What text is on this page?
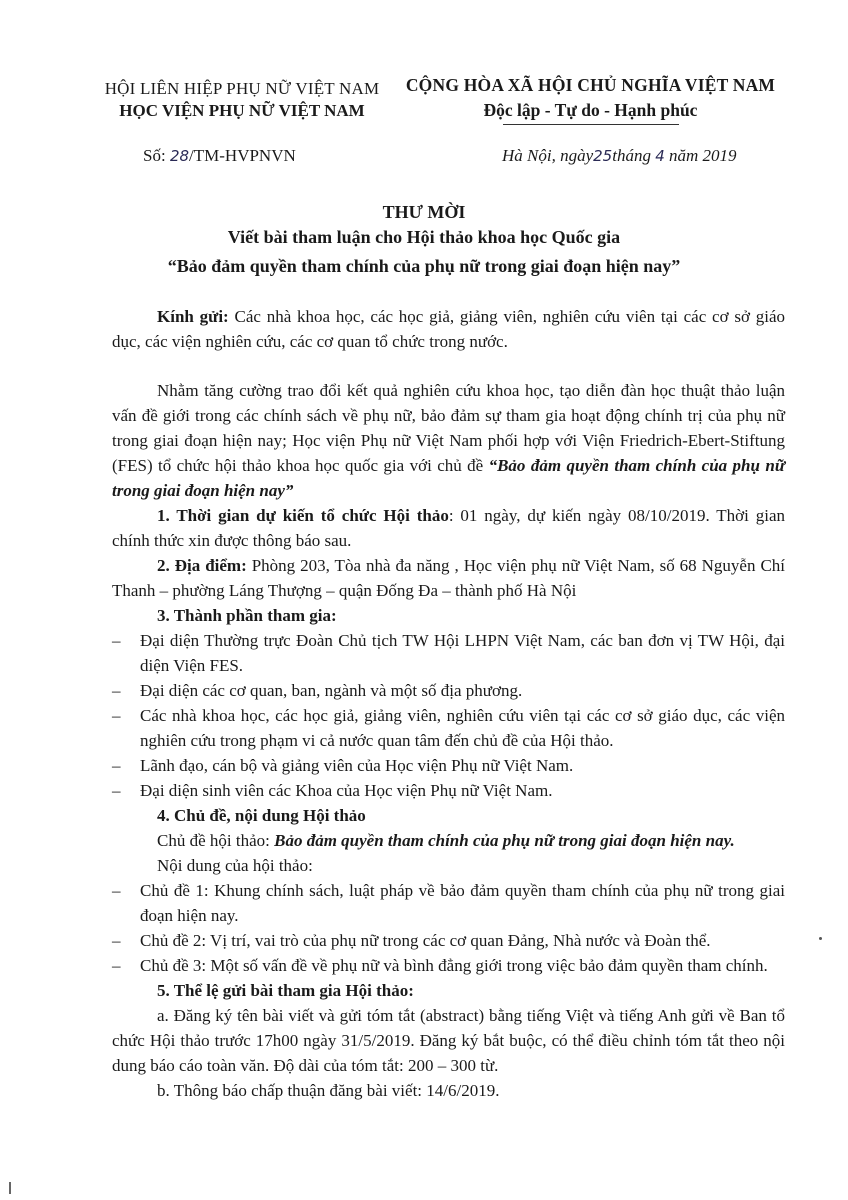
HỘI LIÊN HIỆP PHỤ NỮ VIỆT NAM
HỌC VIỆN PHỤ NỮ VIỆT NAM
CỘNG HÒA XÃ HỘI CHỦ NGHĨA VIỆT NAM
Độc lập - Tự do - Hạnh phúc
Số: 28/TM-HVPNVN	Hà Nội, ngày25tháng 4 năm 2019
THƯ MỜI
Viết bài tham luận cho Hội thảo khoa học Quốc gia
“Bảo đảm quyền tham chính của phụ nữ trong giai đoạn hiện nay”

Kính gửi: Các nhà khoa học, các học giả, giảng viên, nghiên cứu viên tại các cơ sở giáo dục, các viện nghiên cứu, các cơ quan tổ chức trong nước.

Nhằm tăng cường trao đổi kết quả nghiên cứu khoa học, tạo diễn đàn học thuật thảo luận vấn đề giới trong các chính sách về phụ nữ, bảo đảm sự tham gia hoạt động chính trị của phụ nữ trong giai đoạn hiện nay; Học viện Phụ nữ Việt Nam phối hợp với Viện Friedrich-Ebert-Stiftung (FES) tổ chức hội thảo khoa học quốc gia với chủ đề “Bảo đảm quyền tham chính của phụ nữ trong giai đoạn hiện nay”

1. Thời gian dự kiến tổ chức Hội thảo: 01 ngày, dự kiến ngày 08/10/2019. Thời gian chính thức xin được thông báo sau.

2. Địa điểm: Phòng 203, Tòa nhà đa năng , Học viện phụ nữ Việt Nam, số 68 Nguyễn Chí Thanh – phường Láng Thượng – quận Đống Đa – thành phố Hà Nội

3. Thành phần tham gia:

– Đại diện Thường trực Đoàn Chủ tịch TW Hội LHPN Việt Nam, các ban đơn vị TW Hội, đại diện Viện FES.

– Đại diện các cơ quan, ban, ngành và một số địa phương.

– Các nhà khoa học, các học giả, giảng viên, nghiên cứu viên tại các cơ sở giáo dục, các viện nghiên cứu trong phạm vi cả nước quan tâm đến chủ đề của Hội thảo.

– Lãnh đạo, cán bộ và giảng viên của Học viện Phụ nữ Việt Nam.

– Đại diện sinh viên các Khoa của Học viện Phụ nữ Việt Nam.

4. Chủ đề, nội dung Hội thảo

Chủ đề hội thảo: Bảo đảm quyền tham chính của phụ nữ trong giai đoạn hiện nay.

Nội dung của hội thảo:

– Chủ đề 1: Khung chính sách, luật pháp về bảo đảm quyền tham chính của phụ nữ trong giai đoạn hiện nay.

– Chủ đề 2: Vị trí, vai trò của phụ nữ trong các cơ quan Đảng, Nhà nước và Đoàn thể.

– Chủ đề 3: Một số vấn đề về phụ nữ và bình đẳng giới trong việc bảo đảm quyền tham chính.

5. Thể lệ gửi bài tham gia Hội thảo:

a. Đăng ký tên bài viết và gửi tóm tắt (abstract) bằng tiếng Việt và tiếng Anh gửi về Ban tổ chức Hội thảo trước 17h00 ngày 31/5/2019. Đăng ký bắt buộc, có thể điều chỉnh tóm tắt theo nội dung báo cáo toàn văn. Độ dài của tóm tắt: 200 – 300 từ.

b. Thông báo chấp thuận đăng bài viết: 14/6/2019.
